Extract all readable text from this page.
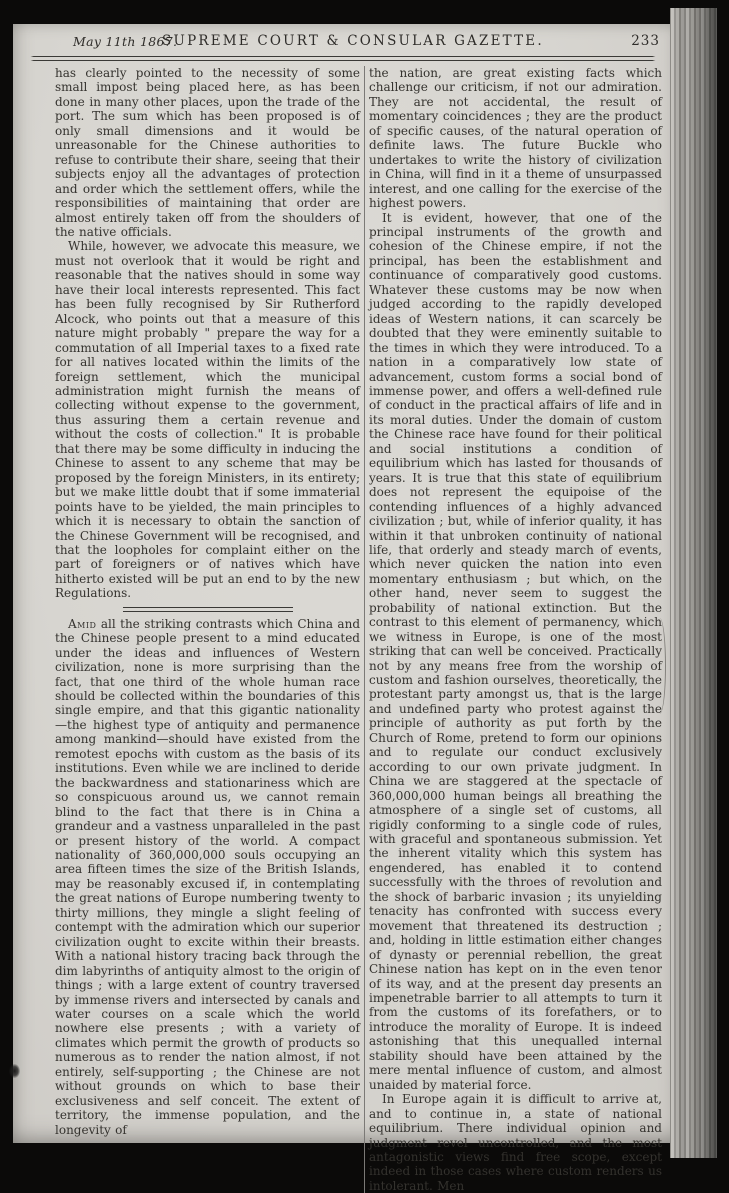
May 11th 1867.
SUPREME COURT & CONSULAR GAZETTE.	233

has clearly pointed to the necessity of some small impost being placed here, as has been done in many other places, upon the trade of the port. The sum which has been proposed is of only small dimensions and it would be unreasonable for the Chinese authorities to refuse to contribute their share, seeing that their subjects enjoy all the advantages of protection and order which the settlement offers, while the responsibilities of maintaining that order are almost entirely taken off from the shoulders of the native officials.

While, however, we advocate this measure, we must not overlook that it would be right and reasonable that the natives should in some way have their local interests represented. This fact has been fully recognised by Sir Rutherford Alcock, who points out that a measure of this nature might probably " prepare the way for a commutation of all Imperial taxes to a fixed rate for all natives located within the limits of the foreign settlement, which the municipal administration might furnish the means of collecting without expense to the government, thus assuring them a certain revenue and without the costs of collection." It is probable that there may be some difficulty in inducing the Chinese to assent to any scheme that may be proposed by the foreign Ministers, in its entirety; but we make little doubt that if some immaterial points have to be yielded, the main principles to which it is necessary to obtain the sanction of the Chinese Government will be recognised, and that the loopholes for complaint either on the part of foreigners or of natives which have hitherto existed will be put an end to by the new Regulations.

Amid all the striking contrasts which China and the Chinese people present to a mind educated under the ideas and influences of Western civilization, none is more surprising than the fact, that one third of the whole human race should be collected within the boundaries of this single empire, and that this gigantic nationality —the highest type of antiquity and permanence among mankind—should have existed from the remotest epochs with custom as the basis of its institutions. Even while we are inclined to deride the backwardness and stationariness which are so conspicuous around us, we cannot remain blind to the fact that there is in China a grandeur and a vastness unparalleled in the past or present history of the world. A compact nationality of 360,000,000 souls occupying an area fifteen times the size of the British Islands, may be reasonably excused if, in contemplating the great nations of Europe numbering twenty to thirty millions, they mingle a slight feeling of contempt with the admiration which our superior civilization ought to excite within their breasts. With a national history tracing back through the dim labyrinths of antiquity almost to the origin of things ; with a large extent of country traversed by immense rivers and intersected by canals and water courses on a scale which the world nowhere else presents ; with a variety of climates which permit the growth of products so numerous as to render the nation almost, if not entirely, self-supporting ; the Chinese are not without grounds on which to base their exclusiveness and self conceit. The extent of territory, the immense population, and the longevity of

the nation, are great existing facts which challenge our criticism, if not our admiration. They are not accidental, the result of momentary coincidences ; they are the product of specific causes, of the natural operation of definite laws. The future Buckle who undertakes to write the history of civilization in China, will find in it a theme of unsurpassed interest, and one calling for the exercise of the highest powers.

It is evident, however, that one of the principal instruments of the growth and cohesion of the Chinese empire, if not the principal, has been the establishment and continuance of comparatively good customs. Whatever these customs may be now when judged according to the rapidly developed ideas of Western nations, it can scarcely be doubted that they were eminently suitable to the times in which they were introduced. To a nation in a comparatively low state of advancement, custom forms a social bond of immense power, and offers a well-defined rule of conduct in the practical affairs of life and in its moral duties. Under the domain of custom the Chinese race have found for their political and social institutions a condition of equilibrium which has lasted for thousands of years. It is true that this state of equilibrium does not represent the equipoise of the contending influences of a highly advanced civilization ; but, while of inferior quality, it has within it that unbroken continuity of national life, that orderly and steady march of events, which never quicken the nation into even momentary enthusiasm ; but which, on the other hand, never seem to suggest the probability of national extinction. But the contrast to this element of permanency, which we witness in Europe, is one of the most striking that can well be conceived. Practically not by any means free from the worship of custom and fashion ourselves, theoretically, the protestant party amongst us, that is the large and undefined party who protest against the principle of authority as put forth by the Church of Rome, pretend to form our opinions and to regulate our conduct exclusively according to our own private judgment. In China we are staggered at the spectacle of 360,000,000 human beings all breathing the atmosphere of a single set of customs, all rigidly conforming to a single code of rules, with graceful and spontaneous submission. Yet the inherent vitality which this system has engendered, has enabled it to contend successfully with the throes of revolution and the shock of barbaric invasion ; its unyielding tenacity has confronted with success every movement that threatened its destruction ; and, holding in little estimation either changes of dynasty or perennial rebellion, the great Chinese nation has kept on in the even tenor of its way, and at the present day presents an impenetrable barrier to all attempts to turn it from the customs of its forefathers, or to introduce the morality of Europe. It is indeed astonishing that this unequalled internal stability should have been attained by the mere mental influence of custom, and almost unaided by material force.

In Europe again it is difficult to arrive at, and to continue in, a state of national equilibrium. There individual opinion and judgment revel uncontrolled, and the most antagonistic views find free scope, except indeed in those cases where custom renders us intolerant. Men
